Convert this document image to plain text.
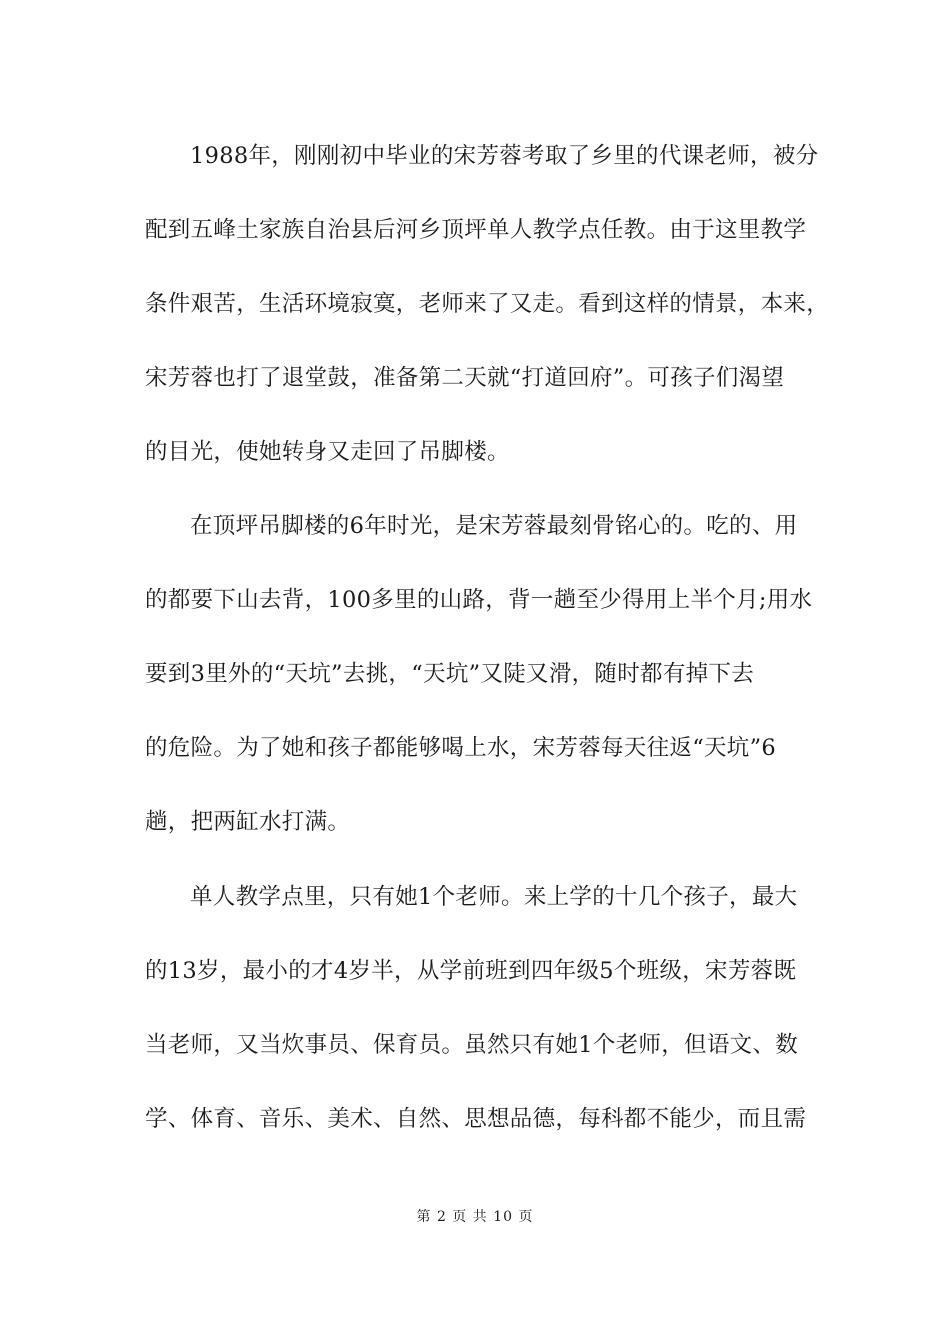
1988年，刚刚初中毕业的宋芳蓉考取了乡里的代课老师，被分
配到五峰土家族自治县后河乡顶坪单人教学点任教。由于这里教学
条件艰苦，生活环境寂寞，老师来了又走。看到这样的情景，本来，
宋芳蓉也打了退堂鼓，准备第二天就“打道回府”。可孩子们渴望
的目光，使她转身又走回了吊脚楼。
在顶坪吊脚楼的6年时光，是宋芳蓉最刻骨铭心的。吃的、用
的都要下山去背，100多里的山路，背一趟至少得用上半个月;用水
要到3里外的“天坑”去挑，“天坑”又陡又滑，随时都有掉下去
的危险。为了她和孩子都能够喝上水，宋芳蓉每天往返“天坑”6
趟，把两缸水打满。
单人教学点里，只有她1个老师。来上学的十几个孩子，最大
的13岁，最小的才4岁半，从学前班到四年级5个班级，宋芳蓉既
当老师，又当炊事员、保育员。虽然只有她1个老师，但语文、数
学、体育、音乐、美术、自然、思想品德，每科都不能少，而且需
第 2 页 共 10 页
